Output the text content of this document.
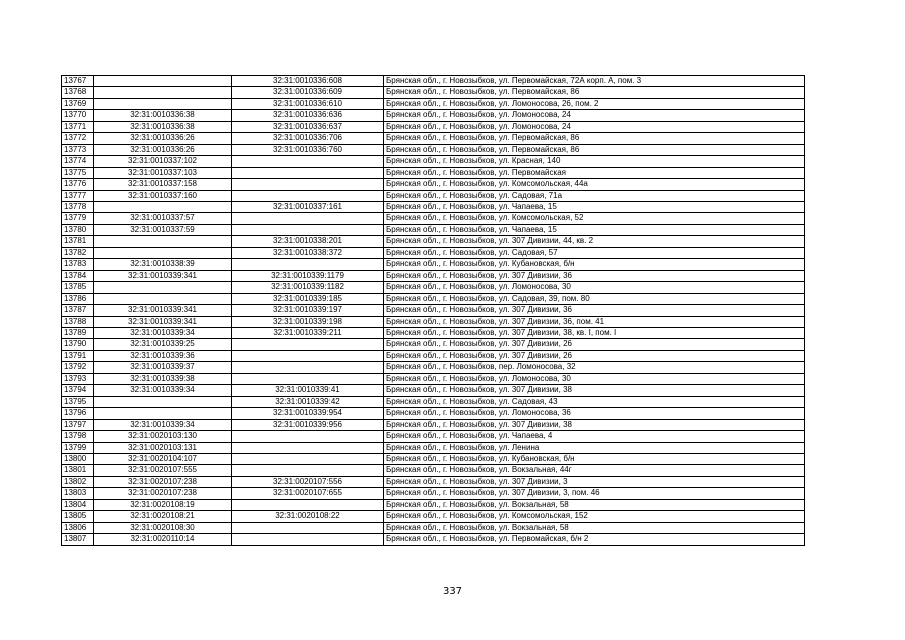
13767		32:31:0010336:608	Брянская обл., г. Новозыбков, ул. Первомайская, 72А корп. А, пом. 3
13768		32:31:0010336:609	Брянская обл., г. Новозыбков, ул. Первомайская, 86
13769		32:31:0010336:610	Брянская обл., г. Новозыбков, ул. Ломоносова, 26, пом. 2
13770	32:31:0010336:38	32:31:0010336:636	Брянская обл., г. Новозыбков, ул. Ломоносова, 24
13771	32:31:0010336:38	32:31:0010336:637	Брянская обл., г. Новозыбков, ул. Ломоносова, 24
13772	32:31:0010336:26	32:31:0010336:706	Брянская обл., г. Новозыбков, ул. Первомайская, 86
13773	32:31:0010336:26	32:31:0010336:760	Брянская обл., г. Новозыбков, ул. Первомайская, 86
13774	32:31:0010337:102		Брянская обл., г. Новозыбков, ул. Красная, 140
13775	32:31:0010337:103		Брянская обл., г. Новозыбков, ул. Первомайская
13776	32:31:0010337:158		Брянская обл., г. Новозыбков, ул. Комсомольская, 44а
13777	32:31:0010337:160		Брянская обл., г. Новозыбков, ул. Садовая, 71а
13778		32:31:0010337:161	Брянская обл., г. Новозыбков, ул. Чапаева, 15
13779	32:31:0010337:57		Брянская обл., г. Новозыбков, ул. Комсомольская, 52
13780	32:31:0010337:59		Брянская обл., г. Новозыбков, ул. Чапаева, 15
13781		32:31:0010338:201	Брянская обл., г. Новозыбков, ул. 307 Дивизии, 44, кв. 2
13782		32:31:0010338:372	Брянская обл., г. Новозыбков, ул. Садовая, 57
13783	32:31:0010338:39		Брянская обл., г. Новозыбков, ул. Кубановская, б/н
13784	32:31:0010339:341	32:31:0010339:1179	Брянская обл., г. Новозыбков, ул. 307 Дивизии, 36
13785		32:31:0010339:1182	Брянская обл., г. Новозыбков, ул. Ломоносова, 30
13786		32:31:0010339:185	Брянская обл., г. Новозыбков, ул. Садовая, 39, пом. 80
13787	32:31:0010339:341	32:31:0010339:197	Брянская обл., г. Новозыбков, ул. 307 Дивизии, 36
13788	32:31:0010339:341	32:31:0010339:198	Брянская обл., г. Новозыбков, ул. 307 Дивизии, 36, пом. 41
13789	32:31:0010339:34	32:31:0010339:211	Брянская обл., г. Новозыбков, ул. 307 Дивизии, 38, кв. I, пом. I
13790	32:31:0010339:25		Брянская обл., г. Новозыбков, ул. 307 Дивизии, 26
13791	32:31:0010339:36		Брянская обл., г. Новозыбков, ул. 307 Дивизии, 26
13792	32:31:0010339:37		Брянская обл., г. Новозыбков, пер. Ломоносова, 32
13793	32:31:0010339:38		Брянская обл., г. Новозыбков, ул. Ломоносова, 30
13794	32:31:0010339:34	32:31:0010339:41	Брянская обл., г. Новозыбков, ул. 307 Дивизии, 38
13795		32:31:0010339:42	Брянская обл., г. Новозыбков, ул. Садовая, 43
13796		32:31:0010339:954	Брянская обл., г. Новозыбков, ул. Ломоносова, 36
13797	32:31:0010339:34	32:31:0010339:956	Брянская обл., г. Новозыбков, ул. 307 Дивизии, 38
13798	32:31:0020103:130		Брянская обл., г. Новозыбков, ул. Чапаева, 4
13799	32:31:0020103:131		Брянская обл., г. Новозыбков, ул. Ленина
13800	32:31:0020104:107		Брянская обл., г. Новозыбков, ул. Кубановская, б/н
13801	32:31:0020107:555		Брянская обл., г. Новозыбков, ул. Вокзальная, 44г
13802	32:31:0020107:238	32:31:0020107:556	Брянская обл., г. Новозыбков, ул. 307 Дивизии, 3
13803	32:31:0020107:238	32:31:0020107:655	Брянская обл., г. Новозыбков, ул. 307 Дивизии, 3, пом. 46
13804	32:31:0020108:19		Брянская обл., г. Новозыбков, ул. Вокзальная, 58
13805	32:31:0020108:21	32:31:0020108:22	Брянская обл., г. Новозыбков, ул. Комсомольская, 152
13806	32:31:0020108:30		Брянская обл., г. Новозыбков, ул. Вокзальная, 58
13807	32:31:0020110:14		Брянская обл., г. Новозыбков, ул. Первомайская, б/н 2
337
